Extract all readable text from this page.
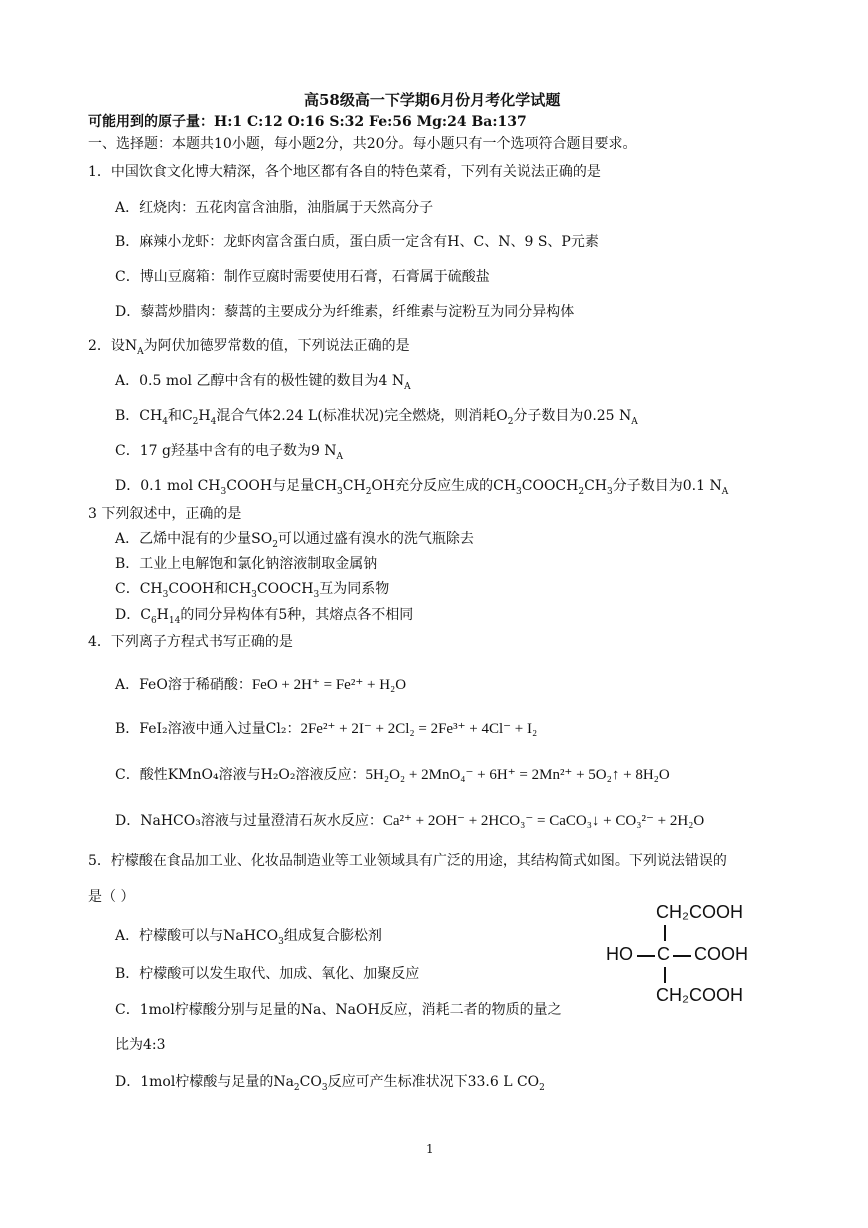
高58级高一下学期6月份月考化学试题
可能用到的原子量：H:1 C:12 O:16 S:32 Fe:56 Mg:24 Ba:137
一、选择题：本题共10小题，每小题2分，共20分。每小题只有一个选项符合题目要求。
1．中国饮食文化博大精深，各个地区都有各自的特色菜肴，下列有关说法正确的是
A．红烧肉：五花肉富含油脂，油脂属于天然高分子
B．麻辣小龙虾：龙虾肉富含蛋白质，蛋白质一定含有H、C、N、9 S、P元素
C．博山豆腐箱：制作豆腐时需要使用石膏，石膏属于硫酸盐
D．藜蒿炒腊肉：藜蒿的主要成分为纤维素，纤维素与淀粉互为同分异构体
2．设$N_A$为阿伏加德罗常数的值，下列说法正确的是
A．0.5 mol 乙醇中含有的极性键的数目为4 $N_A$
B．$CH_4$和$C_2H_4$混合气体2.24 L(标准状况)完全燃烧，则消耗$O_2$分子数目为0.25 $N_A$
C．17 g羟基中含有的电子数为9 $N_A$
D．0.1 mol $CH_3COOH$与足量$CH_3CH_2OH$充分反应生成的$CH_3COOCH_2CH_3$分子数目为0.1 $N_A$
3 下列叙述中，正确的是
A．乙烯中混有的少量$SO_2$可以通过盛有溴水的洗气瓶除去
B．工业上电解饱和氯化钠溶液制取金属钠
C．$CH_3COOH$和$CH_3COOCH_3$互为同系物
D．$C_6H_{14}$的同分异构体有5种，其熔点各不相同
4．下列离子方程式书写正确的是
A．FeO溶于稀硝酸：FeO + 2H⁺ = Fe²⁺ + H₂O
B．FeI₂溶液中通入过量Cl₂：2Fe²⁺ + 2I⁻ + 2Cl₂ = 2Fe³⁺ + 4Cl⁻ + I₂
C．酸性KMnO₄溶液与H₂O₂溶液反应：5H₂O₂ + 2MnO₄⁻ + 6H⁺ = 2Mn²⁺ + 5O₂↑ + 8H₂O
D．NaHCO₃溶液与过量澄清石灰水反应：Ca²⁺ + 2OH⁻ + 2HCO₃⁻ = CaCO₃↓ + CO₃²⁻ + 2H₂O
5．柠檬酸在食品加工业、化妆品制造业等工业领域具有广泛的用途，其结构简式如图。下列说法错误的
是（ ）
A．柠檬酸可以与NaHCO$_3$组成复合膨松剂
B．柠檬酸可以发生取代、加成、氧化、加聚反应
C．1mol柠檬酸分别与足量的Na、NaOH反应，消耗二者的物质的量之
比为4:3
D．1mol柠檬酸与足量的$Na_2CO_3$反应可产生标准状况下33.6 L $CO_2$
CH₂COOH
HO C COOH
CH₂COOH
1
